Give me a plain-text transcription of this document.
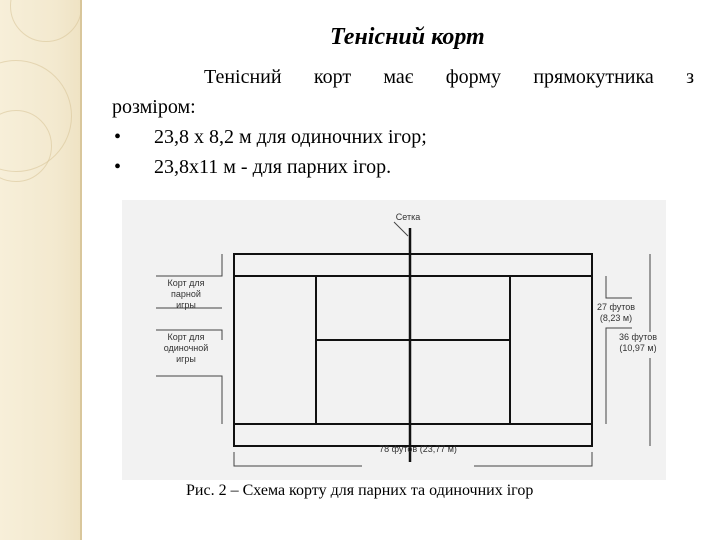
Тенісний корт
Тенісний корт має форму прямокутника з
розміром:
• 23,8 х 8,2 м для одиночних ігор;
• 23,8х11 м - для парних ігор.
Сетка
Корт для
парной
игры
Корт для
одиночной
игры
27 футов
(8,23 м)
36 футов
(10,97 м)
78 футов (23,77 м)
Рис. 2 – Схема корту для парних та одиночних ігор
